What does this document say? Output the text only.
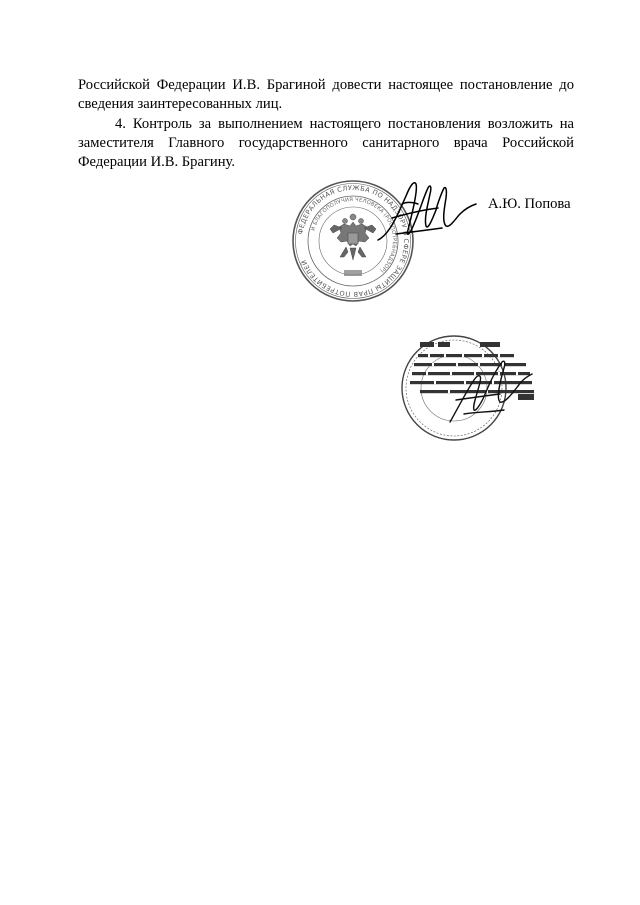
Российской Федерации И.В. Брагиной довести настоящее постановление до сведения заинтересованных лиц.

4. Контроль за выполнением настоящего постановления возложить на заместителя Главного государственного санитарного врача Российской Федерации И.В. Брагину.

ФЕДЕРАЛЬНАЯ СЛУЖБА ПО НАДЗОРУ В СФЕРЕ ЗАЩИТЫ ПРАВ ПОТРЕБИТЕЛЕЙ
И БЛАГОПОЛУЧИЯ ЧЕЛОВЕКА (РОСПОТРЕБНАДЗОР)
А.Ю. Попова
